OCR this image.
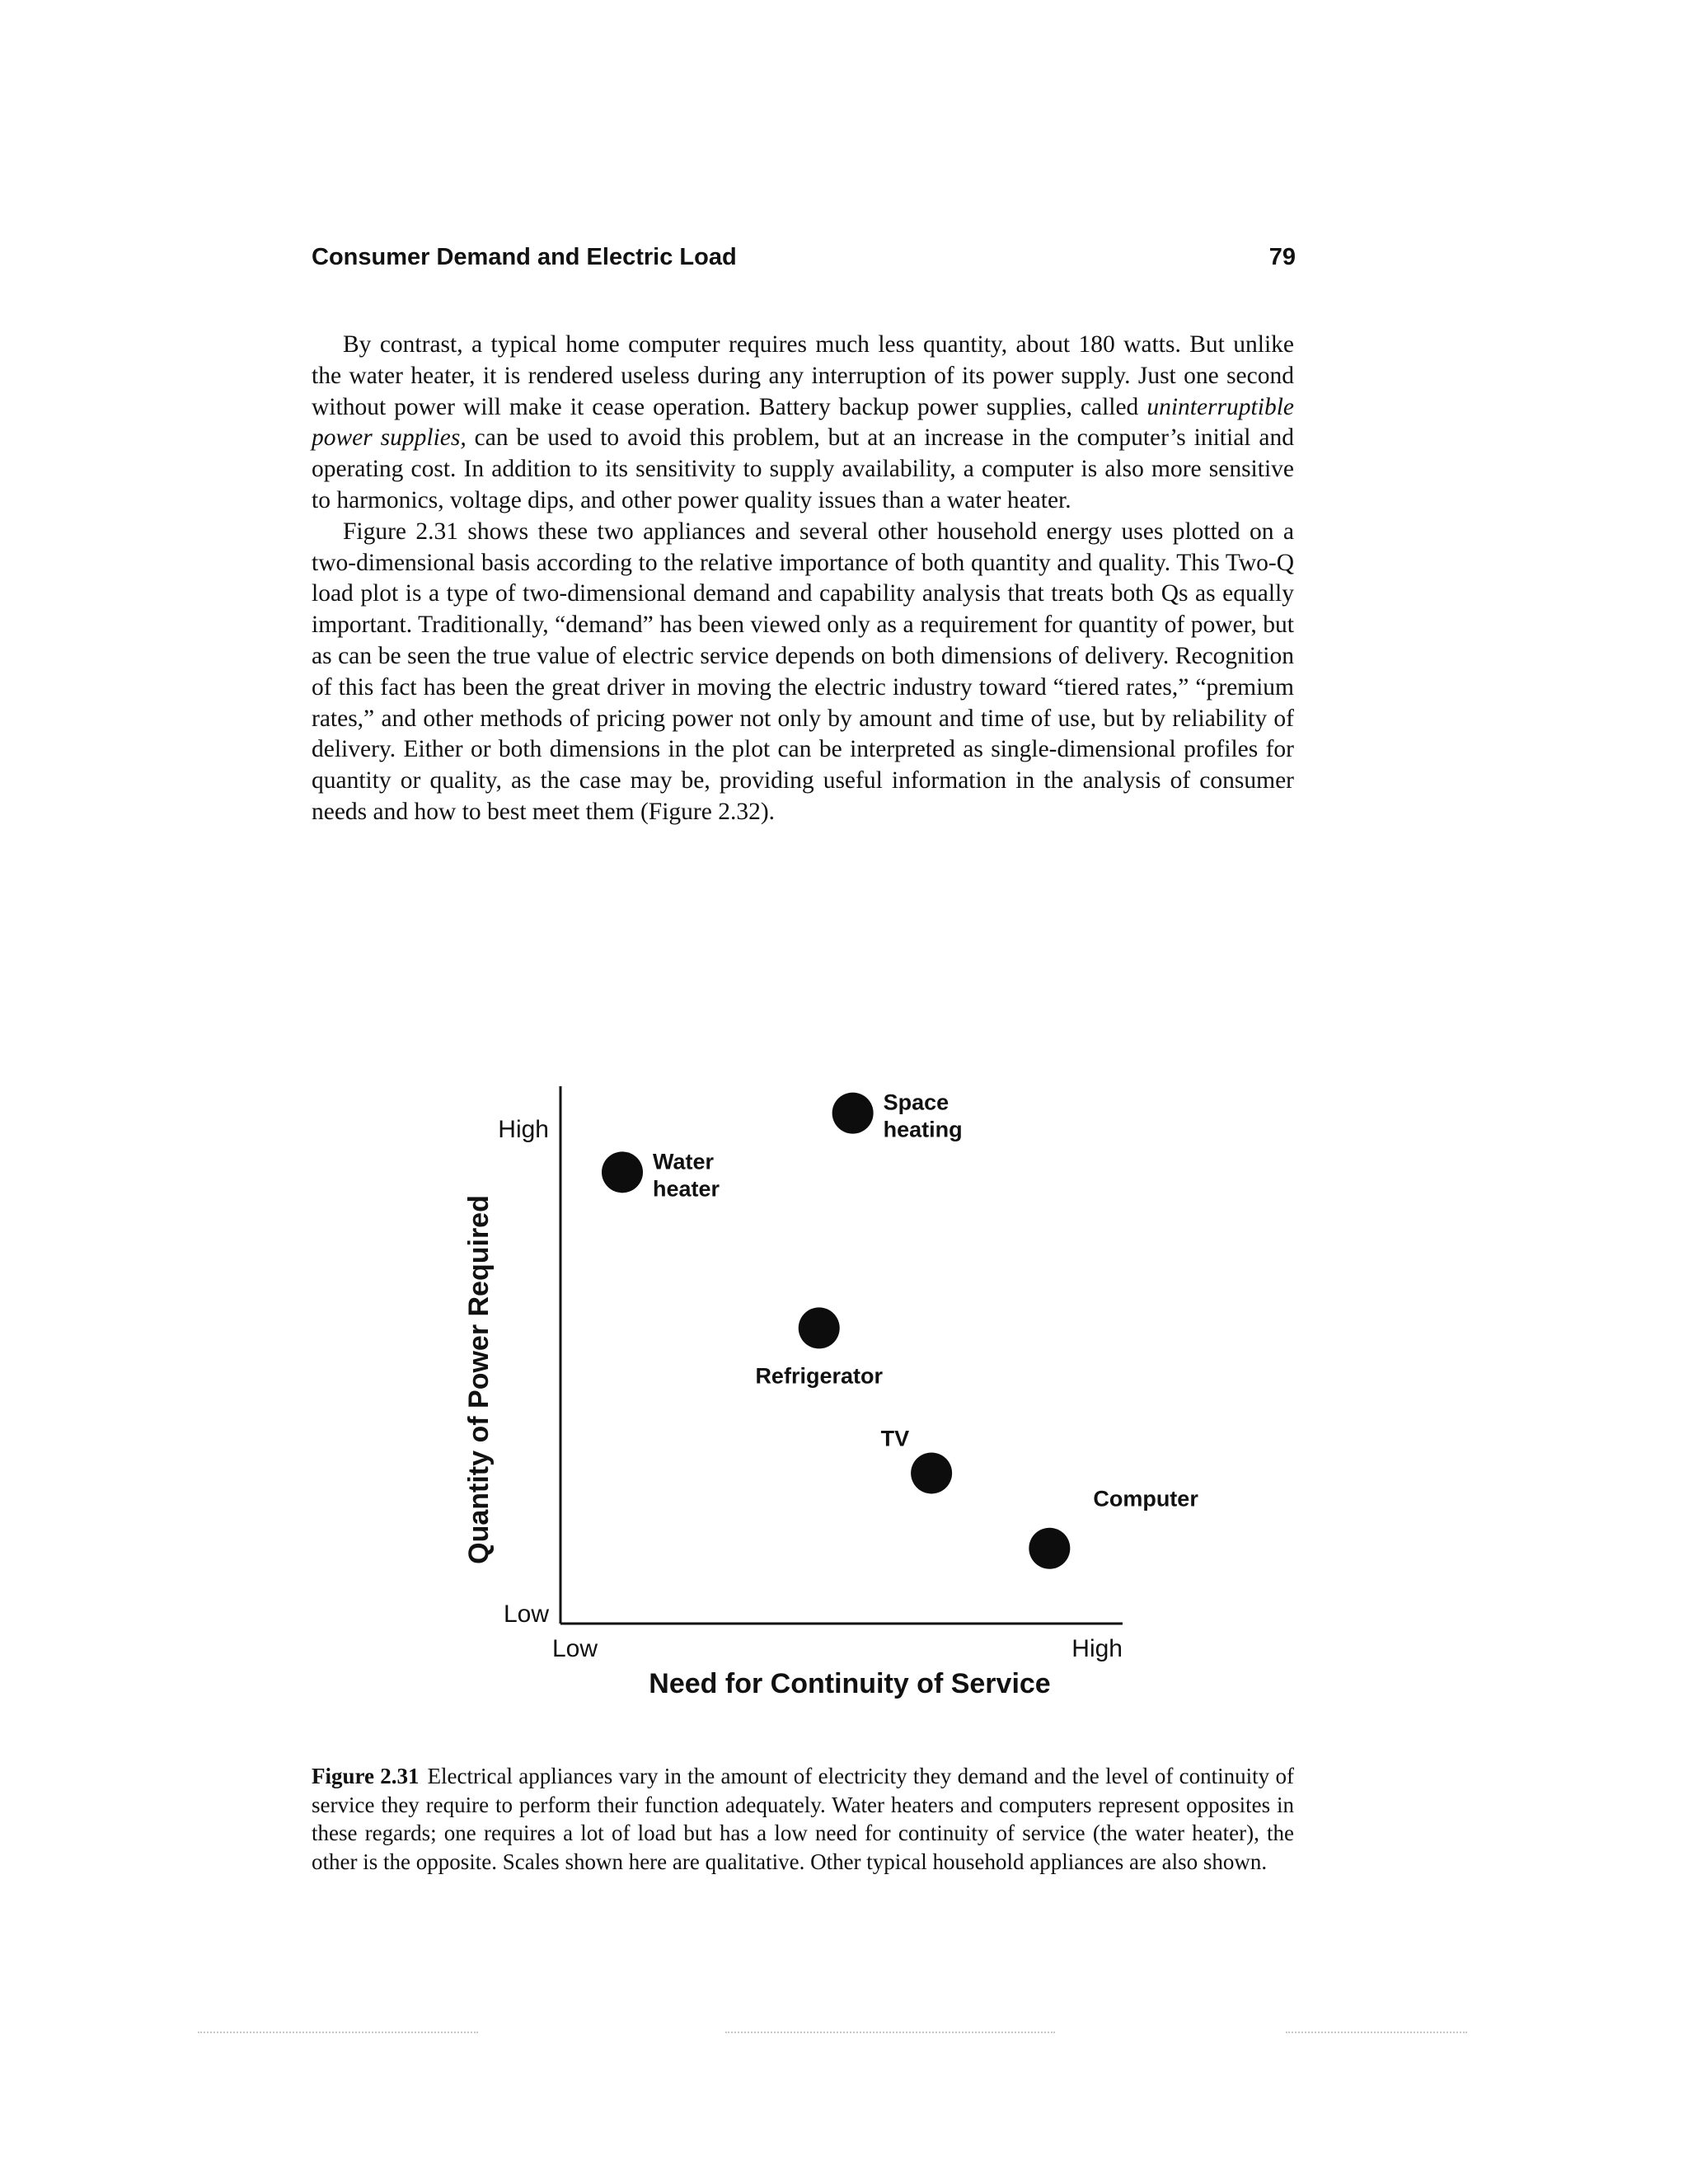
Consumer Demand and Electric Load	79

By contrast, a typical home computer requires much less quantity, about 180 watts. But unlike the water heater, it is rendered useless during any interruption of its power supply. Just one second without power will make it cease operation. Battery backup power supplies, called uninterruptible power supplies, can be used to avoid this problem, but at an increase in the computer’s initial and operating cost. In addition to its sensitivity to supply availability, a computer is also more sensitive to harmonics, voltage dips, and other power quality issues than a water heater.

Figure 2.31 shows these two appliances and several other household energy uses plotted on a two-dimensional basis according to the relative importance of both quantity and quality. This Two-Q load plot is a type of two-dimensional demand and capability analysis that treats both Qs as equally important. Traditionally, “demand” has been viewed only as a requirement for quantity of power, but as can be seen the true value of electric service depends on both dimensions of delivery. Recognition of this fact has been the great driver in moving the electric industry toward “tiered rates,” “premium rates,” and other methods of pricing power not only by amount and time of use, but by reliability of delivery. Either or both dimensions in the plot can be interpreted as single-dimensional profiles for quantity or quality, as the case may be, providing useful information in the analysis of consumer needs and how to best meet them (Figure 2.32).

High
Low
Low	High
Need for Continuity of Service
Quantity of Power Required
Water
heater
Space
heating
Refrigerator
TV
Computer

Figure 2.31 Electrical appliances vary in the amount of electricity they demand and the level of continuity of service they require to perform their function adequately. Water heaters and computers represent opposites in these regards; one requires a lot of load but has a low need for continuity of service (the water heater), the other is the opposite. Scales shown here are qualitative. Other typical household appliances are also shown.
